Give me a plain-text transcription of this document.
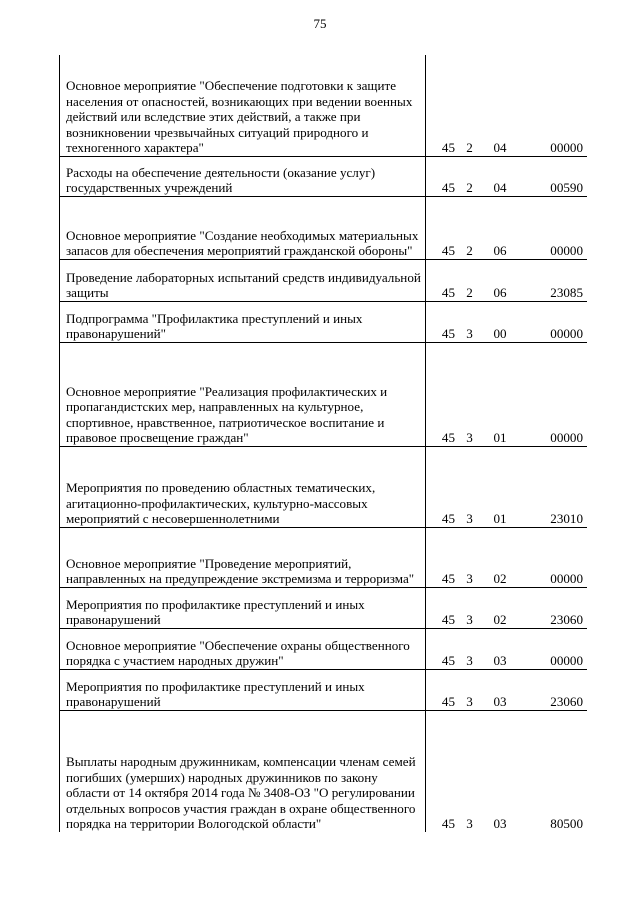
75
Основное мероприятие "Обеспечение подготовки к защите населения от опасностей, возникающих при ведении военных действий или вследствие этих действий, а также при возникновении чрезвычайных ситуаций природного и техногенного характера"	45 2	04	00000
Расходы на обеспечение деятельности (оказание услуг) государственных учреждений	45 2	04	00590
Основное мероприятие "Создание необходимых материальных запасов для обеспечения мероприятий гражданской обороны"	45 2	06	00000
Проведение лабораторных испытаний средств индивидуальной защиты	45 2	06	23085
Подпрограмма "Профилактика преступлений и иных правонарушений"	45 3	00	00000
Основное мероприятие "Реализация профилактических и пропагандистских мер, направленных на культурное, спортивное, нравственное, патриотическое воспитание и правовое просвещение граждан"	45 3	01	00000
Мероприятия по проведению областных тематических, агитационно-профилактических, культурно-массовых мероприятий с несовершеннолетними	45 3	01	23010
Основное мероприятие "Проведение мероприятий, направленных на предупреждение экстремизма и терроризма"	45 3	02	00000
Мероприятия по профилактике преступлений и иных правонарушений	45 3	02	23060
Основное мероприятие "Обеспечение охраны общественного порядка с участием народных дружин"	45 3	03	00000
Мероприятия по профилактике преступлений и иных правонарушений	45 3	03	23060
Выплаты народным дружинникам, компенсации членам семей погибших (умерших) народных дружинников по закону области от 14 октября 2014 года № 3408-ОЗ "О регулировании отдельных вопросов участия граждан в охране общественного порядка на территории Вологодской области"	45 3	03	80500
